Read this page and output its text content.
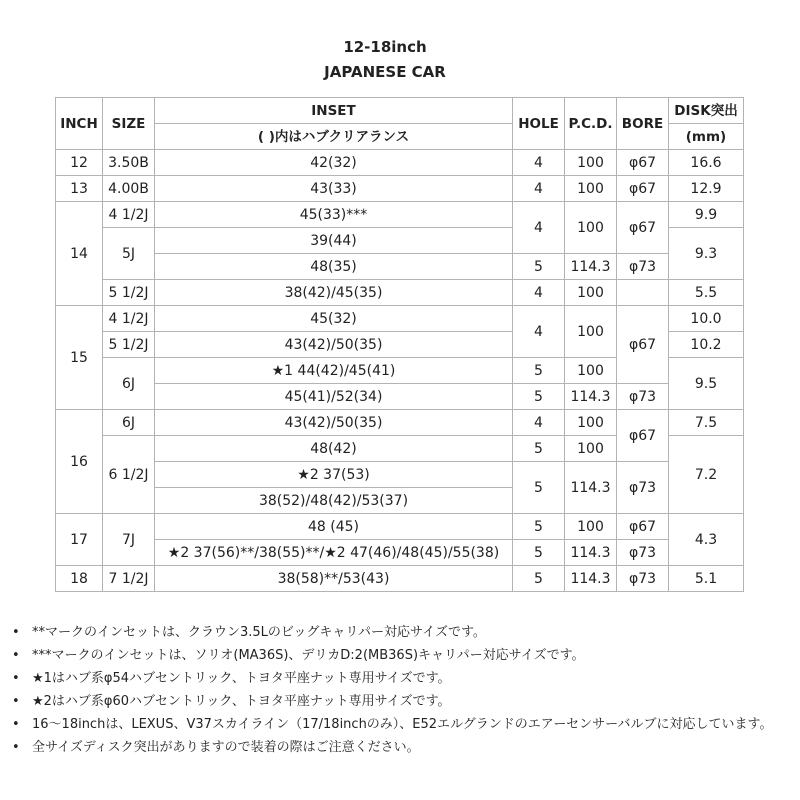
12-18inch
JAPANESE CAR
INCH	SIZE	INSET	HOLE	P.C.D.	BORE	DISK突出
		( )内はハブクリアランス				(mm)
12	3.50B	42(32)	4	100	φ67	16.6
13	4.00B	43(33)	4	100	φ67	12.9
14	4 1/2J	45(33)***	4	100	φ67	9.9
	5J	39(44)				9.3
		48(35)	5	114.3	φ73	
	5 1/2J	38(42)/45(35)	4	100		5.5
15	4 1/2J	45(32)	4	100	φ67	10.0
	5 1/2J	43(42)/50(35)				10.2
	6J	★1 44(42)/45(41)	5	100		9.5
		45(41)/52(34)	5	114.3	φ73	
16	6J	43(42)/50(35)	4	100	φ67	7.5
	6 1/2J	48(42)	5	100		7.2
		★2 37(53)	5	114.3	φ73	
		38(52)/48(42)/53(37)				
17	7J	48 (45)	5	100	φ67	4.3
		★2 37(56)**/38(55)**/★2 47(46)/48(45)/55(38)	5	114.3	φ73	
18	7 1/2J	38(58)**/53(43)	5	114.3	φ73	5.1
• **マークのインセットは、クラウン3.5Lのビッグキャリパー対応サイズです。
• ***マークのインセットは、ソリオ(MA36S)、デリカD:2(MB36S)キャリパー対応サイズです。
• ★1はハブ系φ54ハブセントリック、トヨタ平座ナット専用サイズです。
• ★2はハブ系φ60ハブセントリック、トヨタ平座ナット専用サイズです。
• 16〜18inchは、LEXUS、V37スカイライン（17/18inchのみ）、E52エルグランドのエアーセンサーバルブに対応しています。
• 全サイズディスク突出がありますので装着の際はご注意ください。
